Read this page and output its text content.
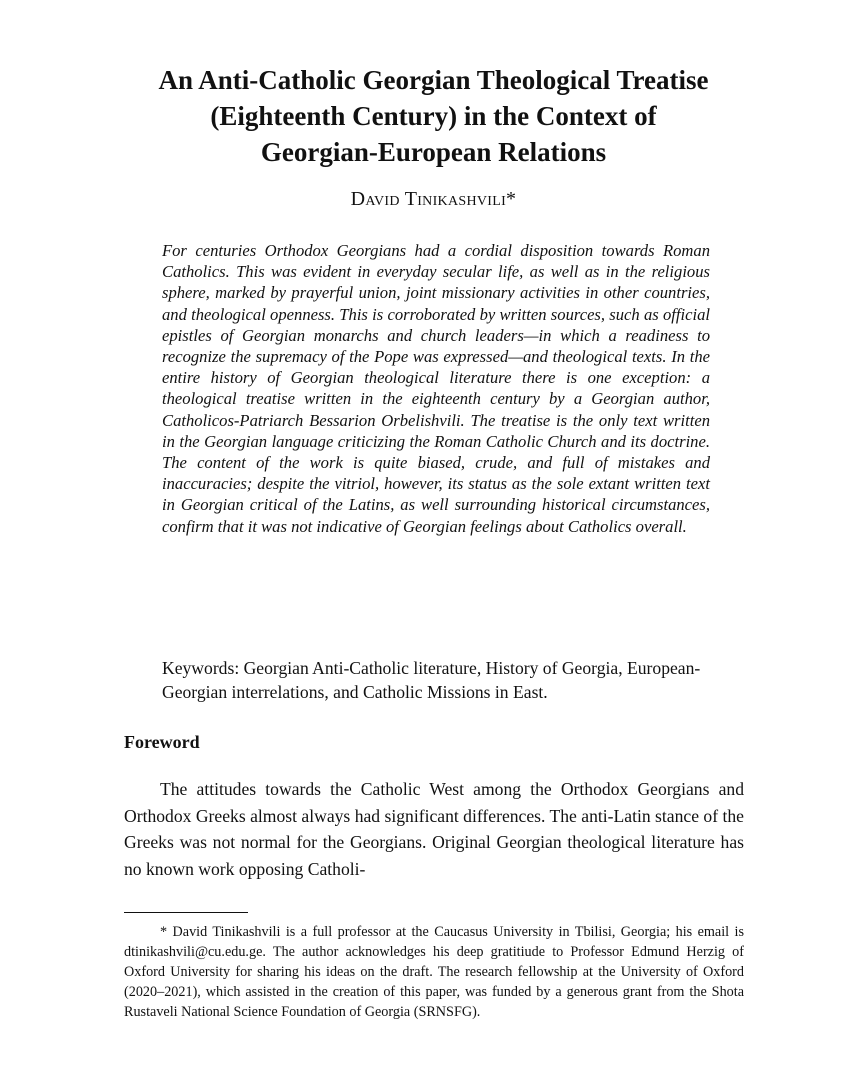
An Anti-Catholic Georgian Theological Treatise
(Eighteenth Century) in the Context of
Georgian-European Relations
David Tinikashvili*

For centuries Orthodox Georgians had a cordial disposition towards Roman Catholics. This was evident in everyday secular life, as well as in the religious sphere, marked by prayerful union, joint missionary activities in other countries, and theological openness. This is corroborated by written sources, such as official epistles of Georgian monarchs and church leaders—in which a readiness to recognize the supremacy of the Pope was expressed—and theological texts. In the entire history of Georgian theological literature there is one exception: a theological treatise written in the eighteenth century by a Georgian author, Catholicos-Patriarch Bessarion Orbelishvili. The treatise is the only text written in the Georgian language criticizing the Roman Catholic Church and its doctrine. The content of the work is quite biased, crude, and full of mistakes and inaccuracies; despite the vitriol, however, its status as the sole extant written text in Georgian critical of the Latins, as well surrounding historical circumstances, confirm that it was not indicative of Georgian feelings about Catholics overall.

Keywords: Georgian Anti-Catholic literature, History of Georgia, European-Georgian interrelations, and Catholic Missions in East.

Foreword

The attitudes towards the Catholic West among the Orthodox Georgians and Orthodox Greeks almost always had significant differences. The anti-Latin stance of the Greeks was not normal for the Georgians. Original Georgian theological literature has no known work opposing Catholi-

* David Tinikashvili is a full professor at the Caucasus University in Tbilisi, Georgia; his email is dtinikashvili@cu.edu.ge. The author acknowledges his deep gratitiude to Professor Edmund Herzig of Oxford University for sharing his ideas on the draft. The research fellowship at the University of Oxford (2020–2021), which assisted in the creation of this paper, was funded by a generous grant from the Shota Rustaveli National Science Foundation of Georgia (SRNSFG).
